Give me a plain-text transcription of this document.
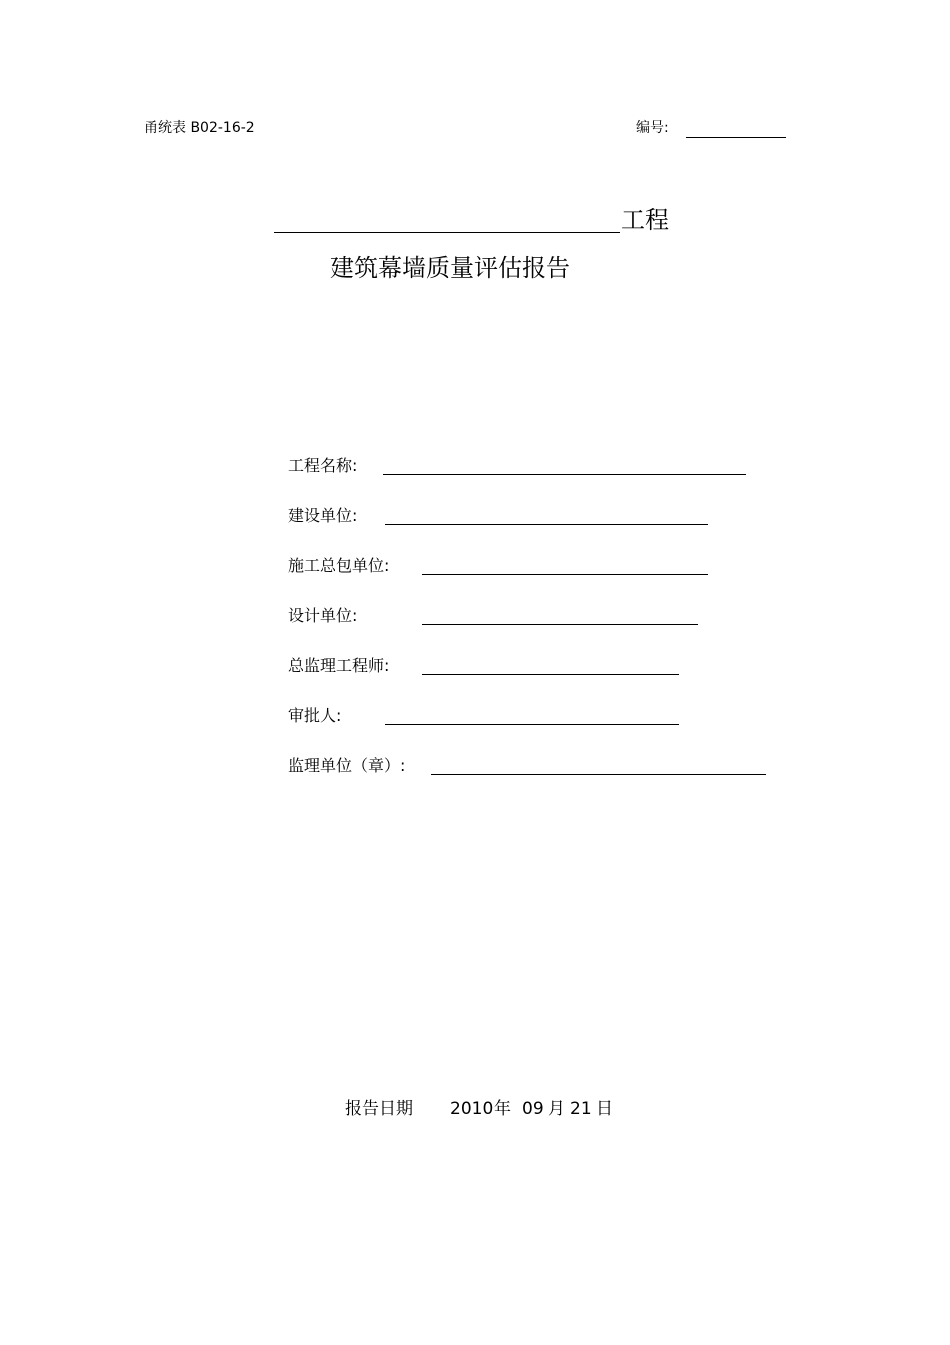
甬统表 B02-16-2	编号:
工程
建筑幕墙质量评估报告
工程名称:
建设单位:
施工总包单位:
设计单位:
总监理工程师:
审批人:
监理单位（章）:
报告日期 2010 年 09 月 21 日
